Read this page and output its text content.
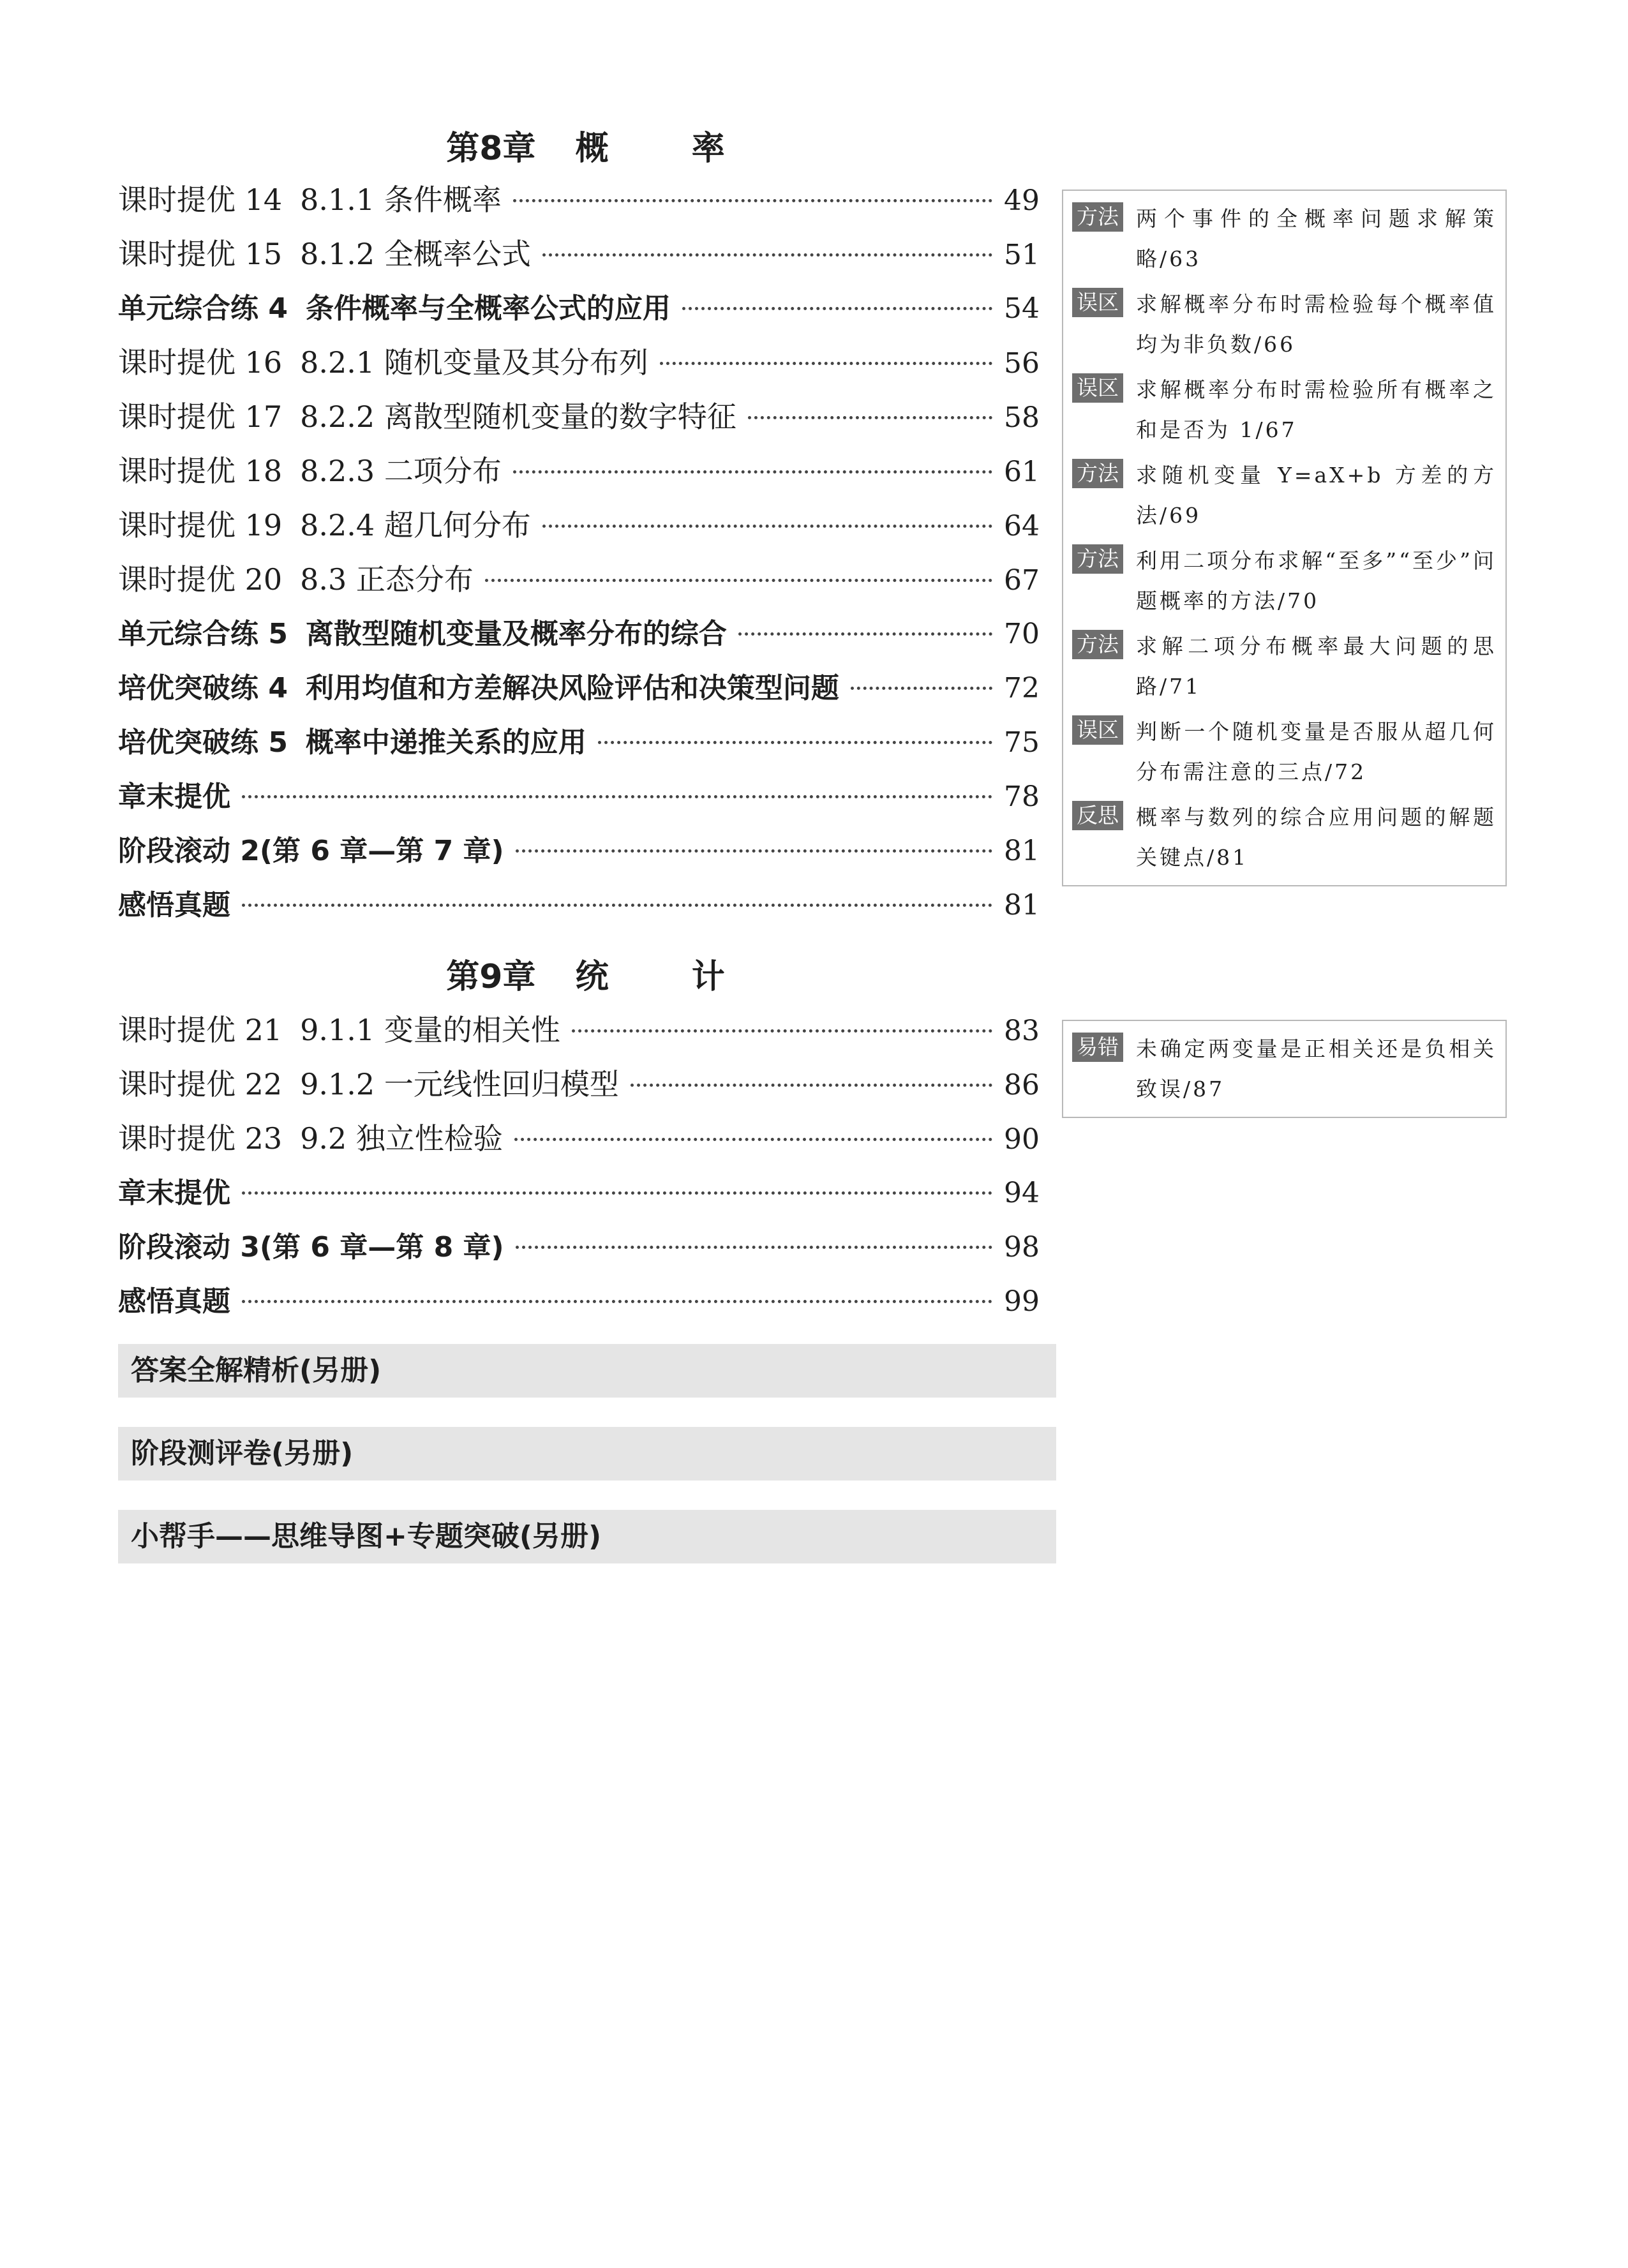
第8章 概	率
课时提优 14 8.1.1 条件概率	49
课时提优 15 8.1.2 全概率公式	51
单元综合练 4 条件概率与全概率公式的应用	54
课时提优 16 8.2.1 随机变量及其分布列	56
课时提优 17 8.2.2 离散型随机变量的数字特征	58
课时提优 18 8.2.3 二项分布	61
课时提优 19 8.2.4 超几何分布	64
课时提优 20 8.3 正态分布	67
单元综合练 5 离散型随机变量及概率分布的综合	70
培优突破练 4 利用均值和方差解决风险评估和决策型问题	72
培优突破练 5 概率中递推关系的应用	75
章末提优	78
阶段滚动 2(第 6 章—第 7 章)	81
感悟真题	81
方法 两个事件的全概率问题求解策略/63
误区 求解概率分布时需检验每个概率值均为非负数/66
误区 求解概率分布时需检验所有概率之和是否为 1/67
方法 求随机变量 Y=aX+b 方差的方法/69
方法 利用二项分布求解“至多”“至少”问题概率的方法/70
方法 求解二项分布概率最大问题的思路/71
误区 判断一个随机变量是否服从超几何分布需注意的三点/72
反思 概率与数列的综合应用问题的解题关键点/81
第9章 统	计
课时提优 21 9.1.1 变量的相关性	83
课时提优 22 9.1.2 一元线性回归模型	86
课时提优 23 9.2 独立性检验	90
章末提优	94
阶段滚动 3(第 6 章—第 8 章)	98
感悟真题	99
易错 未确定两变量是正相关还是负相关致误/87
答案全解精析(另册)
阶段测评卷(另册)
小帮手——思维导图+专题突破(另册)
